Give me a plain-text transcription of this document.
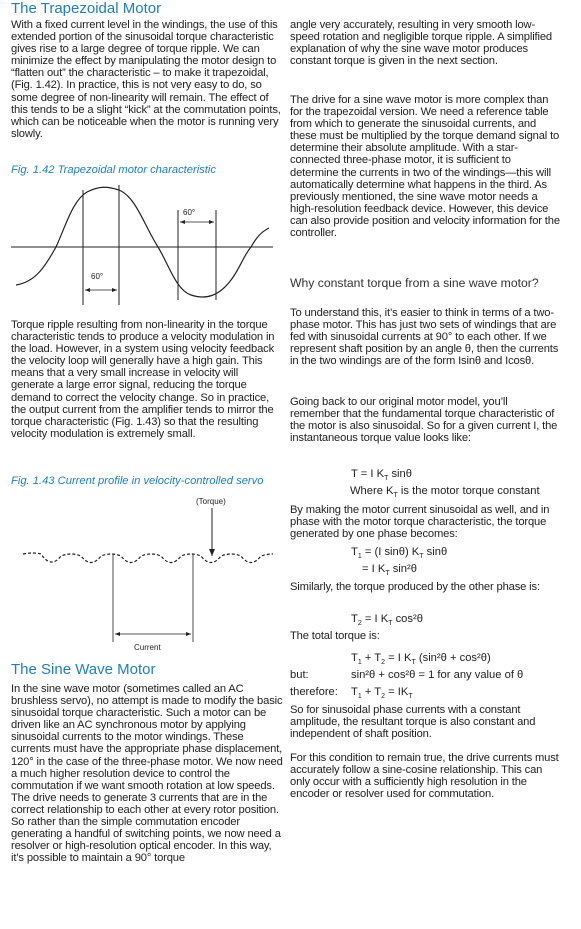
The Trapezoidal Motor
With a fixed current level in the windings, the use of this extended portion of the sinusoidal torque characteristic gives rise to a large degree of torque ripple. We can minimize the effect by manipulating the motor design to “flatten out” the characteristic – to make it trapezoidal, (Fig. 1.42). In practice, this is not very easy to do, so some degree of non-linearity will remain. The effect of this tends to be a slight “kick” at the commutation points, which can be noticeable when the motor is running very slowly.
Fig. 1.42 Trapezoidal motor characteristic
60°
60°
Torque ripple resulting from non-linearity in the torque characteristic tends to produce a velocity modulation in the load. However, in a system using velocity feedback the velocity loop will generally have a high gain. This means that a very small increase in velocity will generate a large error signal, reducing the torque demand to correct the velocity change. So in practice, the output current from the amplifier tends to mirror the torque characteristic (Fig. 1.43) so that the resulting velocity modulation is extremely small.
Fig. 1.43 Current profile in velocity-controlled servo
(Torque)
Current
The Sine Wave Motor
In the sine wave motor (sometimes called an AC brushless servo), no attempt is made to modify the basic sinusoidal torque characteristic. Such a motor can be driven like an AC synchronous motor by applying sinusoidal currents to the motor windings. These currents must have the appropriate phase displacement, 120° in the case of the three-phase motor. We now need a much higher resolution device to control the commutation if we want smooth rotation at low speeds. The drive needs to generate 3 currents that are in the correct relationship to each other at every rotor position. So rather than the simple commutation encoder generating a handful of switching points, we now need a resolver or high-resolution optical encoder. In this way, it’s possible to maintain a 90° torque
angle very accurately, resulting in very smooth low-speed rotation and negligible torque ripple. A simplified explanation of why the sine wave motor produces constant torque is given in the next section.
The drive for a sine wave motor is more complex than for the trapezoidal version. We need a reference table from which to generate the sinusoidal currents, and these must be multiplied by the torque demand signal to determine their absolute amplitude. With a star-connected three-phase motor, it is sufficient to determine the currents in two of the windings—this will automatically determine what happens in the third. As previously mentioned, the sine wave motor needs a high-resolution feedback device. However, this device can also provide position and velocity information for the controller.
Why constant torque from a sine wave motor?
To understand this, it’s easier to think in terms of a two-phase motor. This has just two sets of windings that are fed with sinusoidal currents at 90° to each other. If we represent shaft position by an angle θ, then the currents in the two windings are of the form Isinθ and Icosθ.
Going back to our original motor model, you’ll remember that the fundamental torque characteristic of the motor is also sinusoidal. So for a given current I, the instantaneous torque value looks like:
T = I $K_T$ sinθ
Where $K_T$ is the motor torque constant
By making the motor current sinusoidal as well, and in phase with the motor torque characteristic, the torque generated by one phase becomes:
$T_1 = (I$ sinθ) $K_T$ sinθ
= I $K_T$ sin²θ
Similarly, the torque produced by the other phase is:
$T_2 = I$ $K_T$ cos²θ
The total torque is:
$T_1 + T_2 = I$ $K_T$ (sin²θ + cos²θ)
but:	sin²θ + cos²θ = 1 for any value of θ
therefore: $T_1 + T_2 = IK_T$
So for sinusoidal phase currents with a constant amplitude, the resultant torque is also constant and independent of shaft position.
For this condition to remain true, the drive currents must accurately follow a sine-cosine relationship. This can only occur with a sufficiently high resolution in the encoder or resolver used for commutation.
